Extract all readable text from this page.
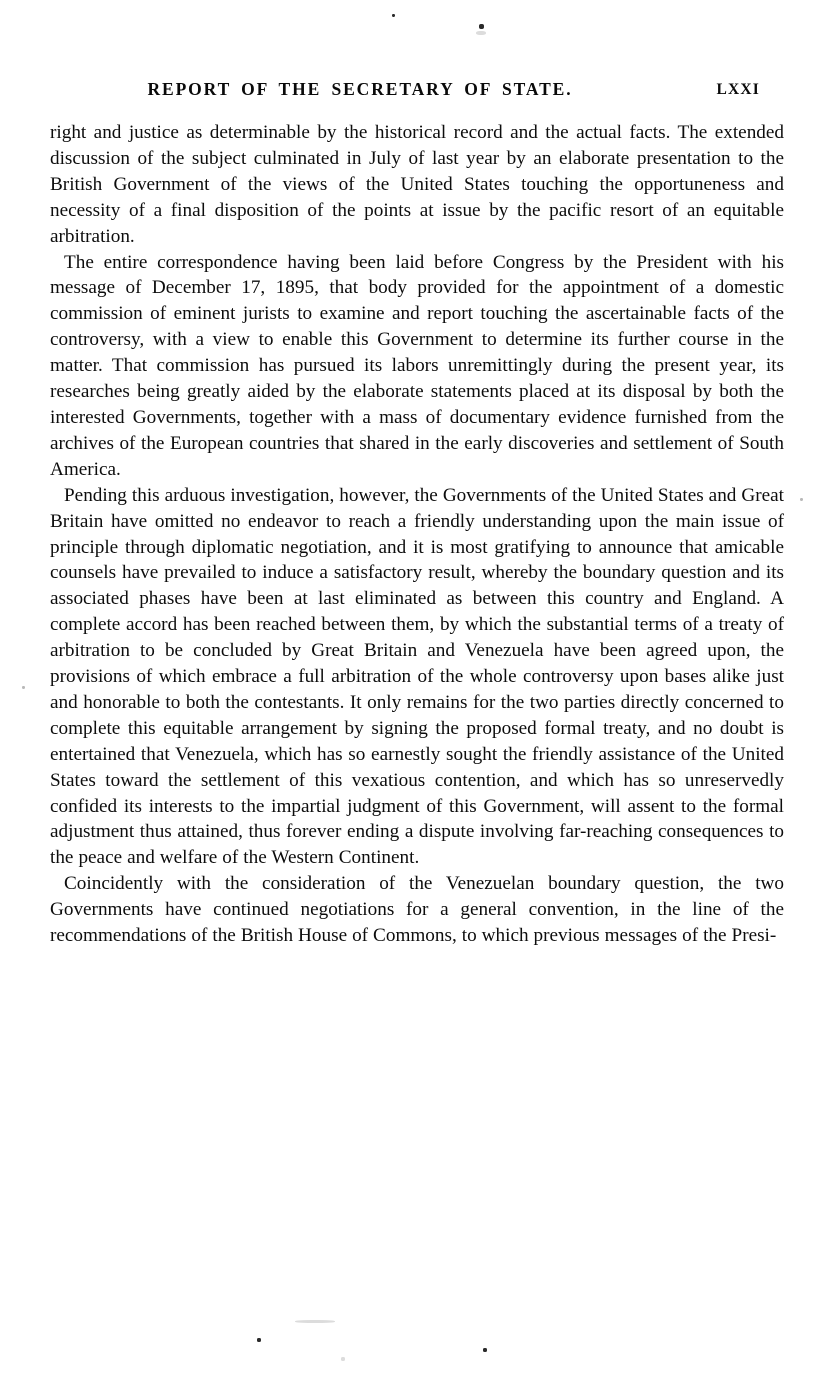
REPORT OF THE SECRETARY OF STATE.	LXXI

right and justice as determinable by the historical record and the actual facts. The extended discussion of the subject culminated in July of last year by an elaborate presentation to the British Government of the views of the United States touching the opportuneness and necessity of a final disposition of the points at issue by the pacific resort of an equitable arbitration.

The entire correspondence having been laid before Congress by the President with his message of December 17, 1895, that body provided for the appointment of a domestic commission of eminent jurists to examine and report touching the ascertainable facts of the controversy, with a view to enable this Government to determine its further course in the matter. That commission has pursued its labors unremittingly during the present year, its researches being greatly aided by the elaborate statements placed at its disposal by both the interested Governments, together with a mass of documentary evidence furnished from the archives of the European countries that shared in the early discoveries and settlement of South America.

Pending this arduous investigation, however, the Governments of the United States and Great Britain have omitted no endeavor to reach a friendly understanding upon the main issue of principle through diplomatic negotiation, and it is most gratifying to announce that amicable counsels have prevailed to induce a satisfactory result, whereby the boundary question and its associated phases have been at last eliminated as between this country and England. A complete accord has been reached between them, by which the substantial terms of a treaty of arbitration to be concluded by Great Britain and Venezuela have been agreed upon, the provisions of which embrace a full arbitration of the whole controversy upon bases alike just and honorable to both the contestants. It only remains for the two parties directly concerned to complete this equitable arrangement by signing the proposed formal treaty, and no doubt is entertained that Venezuela, which has so earnestly sought the friendly assistance of the United States toward the settlement of this vexatious contention, and which has so unreservedly confided its interests to the impartial judgment of this Government, will assent to the formal adjustment thus attained, thus forever ending a dispute involving far-reaching consequences to the peace and welfare of the Western Continent.

Coincidently with the consideration of the Venezuelan boundary question, the two Governments have continued negotiations for a general convention, in the line of the recommendations of the British House of Commons, to which previous messages of the Presi-
